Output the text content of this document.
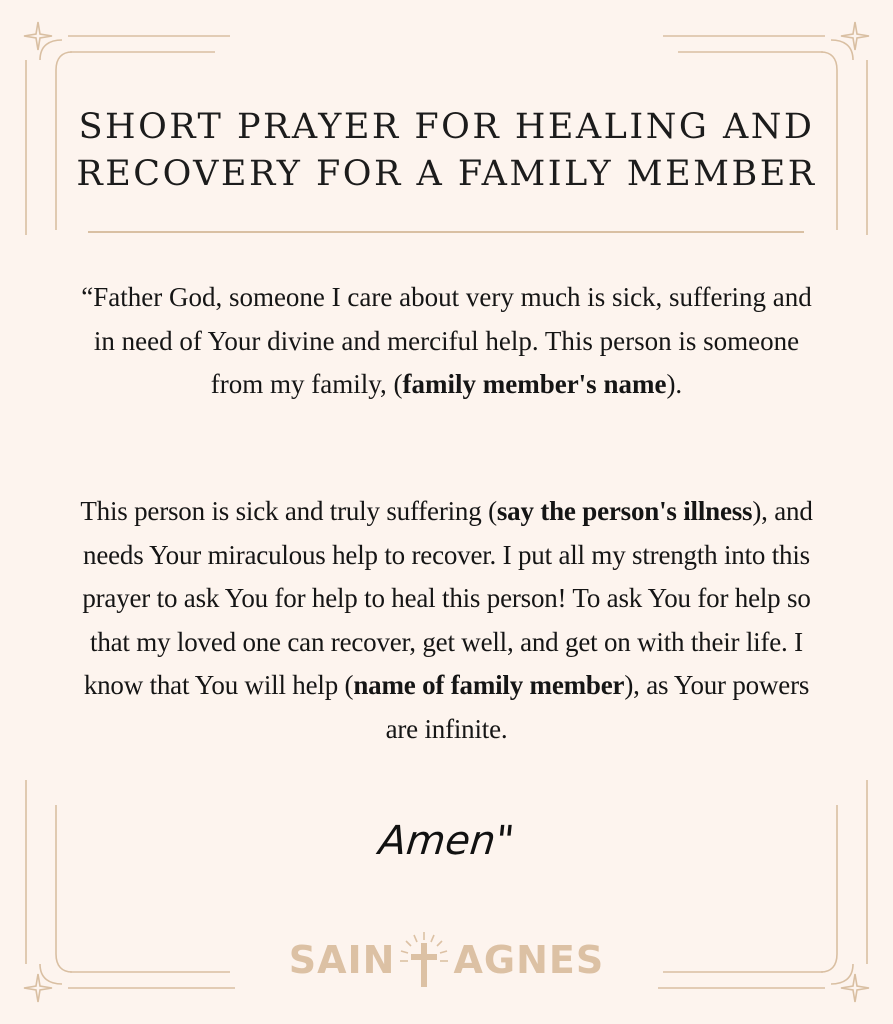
SHORT PRAYER FOR HEALING AND
RECOVERY FOR A FAMILY MEMBER

“Father God, someone I care about very much is sick, suffering and in need of Your divine and merciful help. This person is someone from my family, (family member's name).

This person is sick and truly suffering (say the person's illness), and needs Your miraculous help to recover. I put all my strength into this prayer to ask You for help to heal this person! To ask You for help so that my loved one can recover, get well, and get on with their life. I know that You will help (name of family member), as Your powers are infinite.

Amen"

SAIN AGNES
